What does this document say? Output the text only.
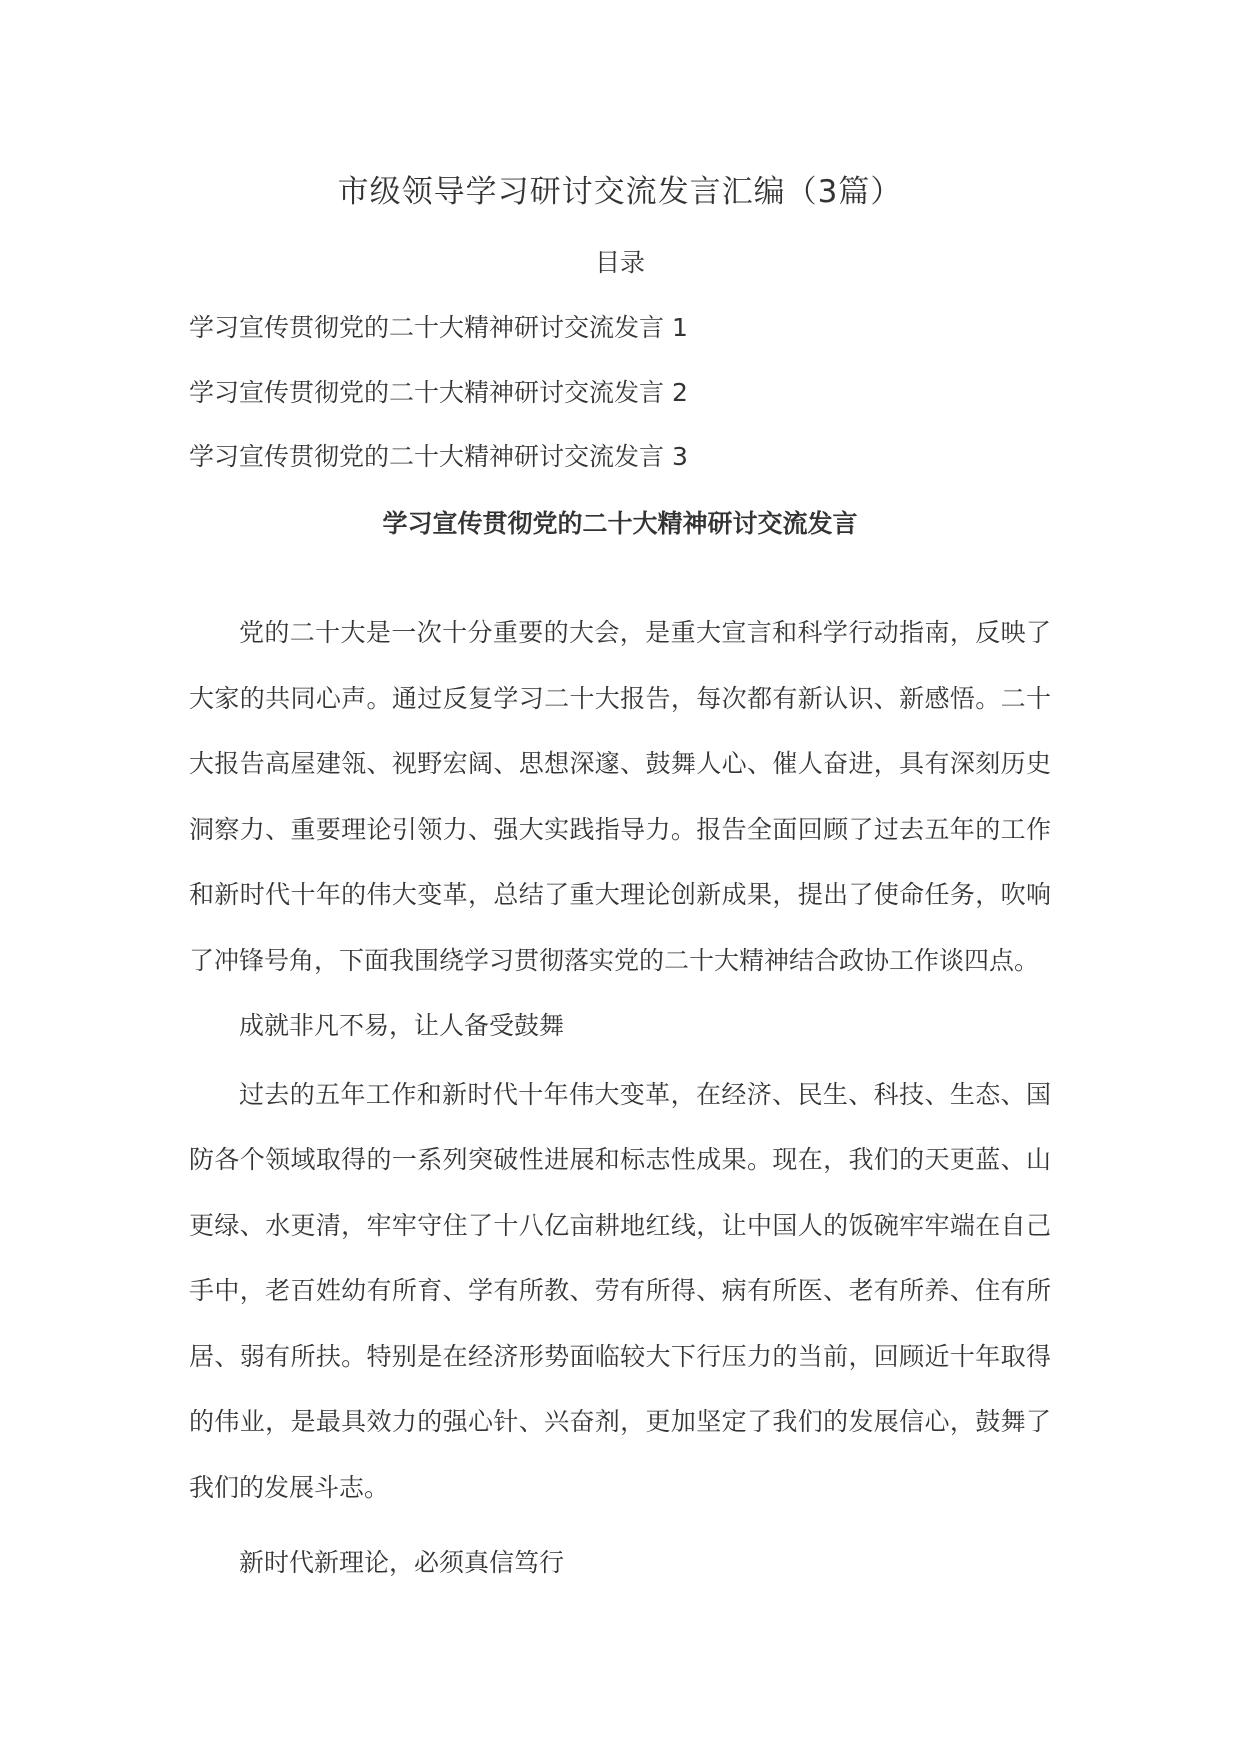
市级领导学习研讨交流发言汇编（3篇）
目录
学习宣传贯彻党的二十大精神研讨交流发言 1
学习宣传贯彻党的二十大精神研讨交流发言 2
学习宣传贯彻党的二十大精神研讨交流发言 3
学习宣传贯彻党的二十大精神研讨交流发言

党的二十大是一次十分重要的大会，是重大宣言和科学行动指南，反映了大家的共同心声。通过反复学习二十大报告，每次都有新认识、新感悟。二十大报告高屋建瓴、视野宏阔、思想深邃、鼓舞人心、催人奋进，具有深刻历史洞察力、重要理论引领力、强大实践指导力。报告全面回顾了过去五年的工作和新时代十年的伟大变革，总结了重大理论创新成果，提出了使命任务，吹响了冲锋号角，下面我围绕学习贯彻落实党的二十大精神结合政协工作谈四点。

成就非凡不易，让人备受鼓舞

过去的五年工作和新时代十年伟大变革，在经济、民生、科技、生态、国防各个领域取得的一系列突破性进展和标志性成果。现在，我们的天更蓝、山更绿、水更清，牢牢守住了十八亿亩耕地红线，让中国人的饭碗牢牢端在自己手中，老百姓幼有所育、学有所教、劳有所得、病有所医、老有所养、住有所居、弱有所扶。特别是在经济形势面临较大下行压力的当前，回顾近十年取得的伟业，是最具效力的强心针、兴奋剂，更加坚定了我们的发展信心，鼓舞了我们的发展斗志。

新时代新理论，必须真信笃行
